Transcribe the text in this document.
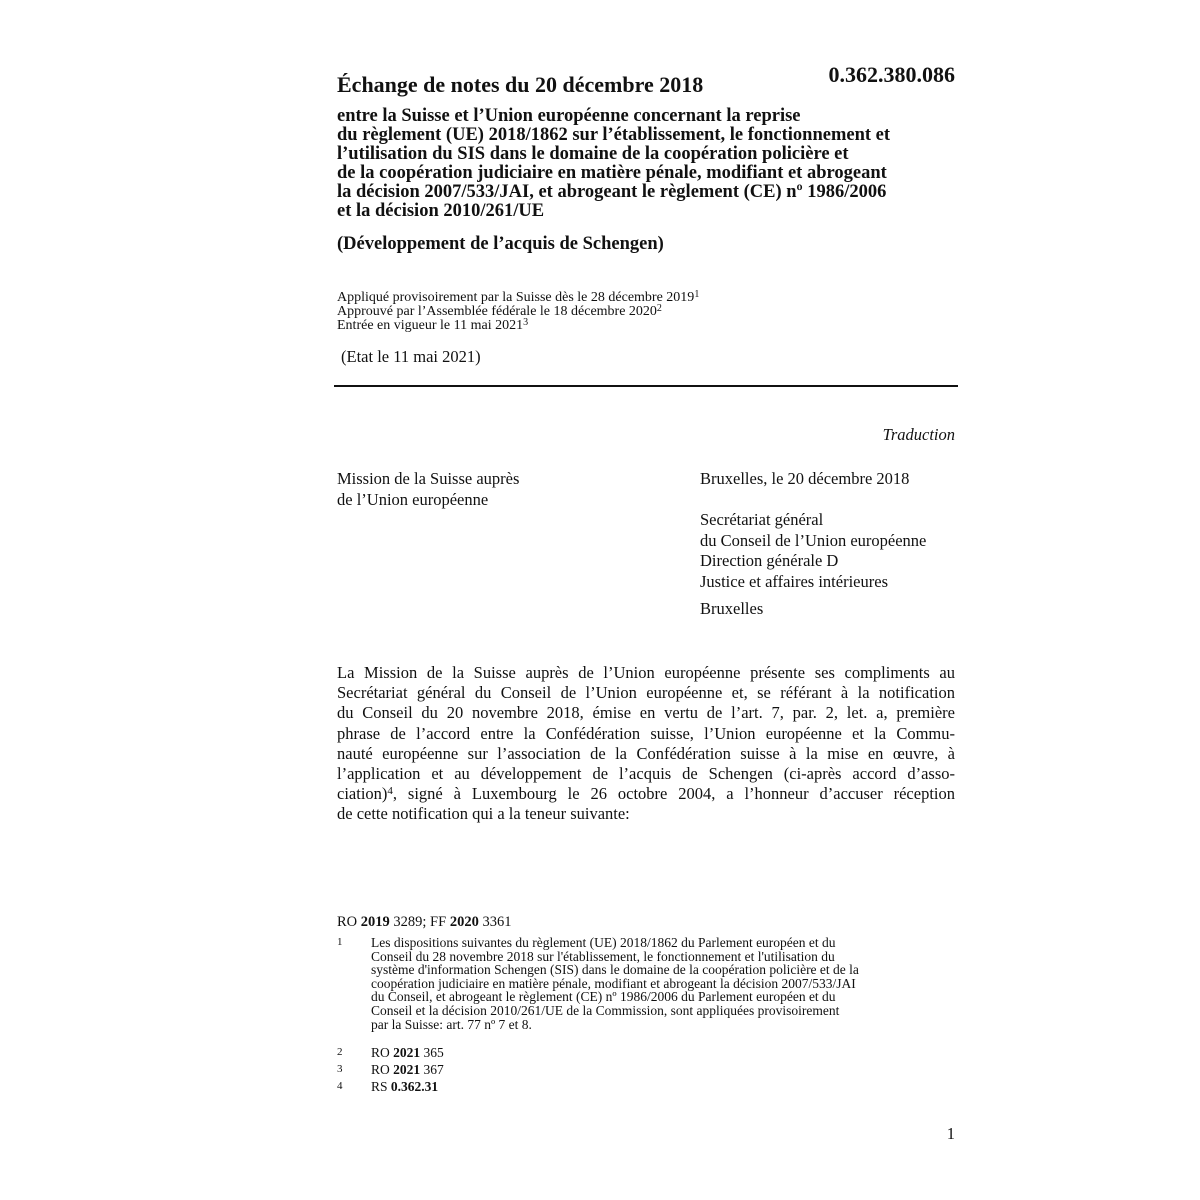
Échange de notes du 20 décembre 2018	0.362.380.086
entre la Suisse et l’Union européenne concernant la reprise
du règlement (UE) 2018/1862 sur l’établissement, le fonctionnement et
l’utilisation du SIS dans le domaine de la coopération policière et
de la coopération judiciaire en matière pénale, modifiant et abrogeant
la décision 2007/533/JAI, et abrogeant le règlement (CE) nº 1986/2006
et la décision 2010/261/UE
(Développement de l’acquis de Schengen)
Appliqué provisoirement par la Suisse dès le 28 décembre 2019$^1$
Approuvé par l’Assemblée fédérale le 18 décembre 2020$^2$
Entrée en vigueur le 11 mai 2021$^3$
(Etat le 11 mai 2021)
Traduction
Mission de la Suisse auprès
de l’Union européenne
Bruxelles, le 20 décembre 2018
Secrétariat général
du Conseil de l’Union européenne
Direction générale D
Justice et affaires intérieures
Bruxelles
La Mission de la Suisse auprès de l’Union européenne présente ses compliments au
Secrétariat général du Conseil de l’Union européenne et, se référant à la notification
du Conseil du 20 novembre 2018, émise en vertu de l’art. 7, par. 2, let. a, première
phrase de l’accord entre la Confédération suisse, l’Union européenne et la Commu-
nauté européenne sur l’association de la Confédération suisse à la mise en œuvre, à
l’application et au développement de l’acquis de Schengen (ci-après accord d’asso-
ciation)$^4$, signé à Luxembourg le 26 octobre 2004, a l’honneur d’accuser réception
de cette notification qui a la teneur suivante:
RO 2019 3289; FF 2020 3361
1	Les dispositions suivantes du règlement (UE) 2018/1862 du Parlement européen et du
Conseil du 28 novembre 2018 sur l'établissement, le fonctionnement et l'utilisation du
système d'information Schengen (SIS) dans le domaine de la coopération policière et de la
coopération judiciaire en matière pénale, modifiant et abrogeant la décision 2007/533/JAI
du Conseil, et abrogeant le règlement (CE) nº 1986/2006 du Parlement européen et du
Conseil et la décision 2010/261/UE de la Commission, sont appliquées provisoirement
par la Suisse: art. 77 nº 7 et 8.
2	RO 2021 365
3	RO 2021 367
4	RS 0.362.31
1
